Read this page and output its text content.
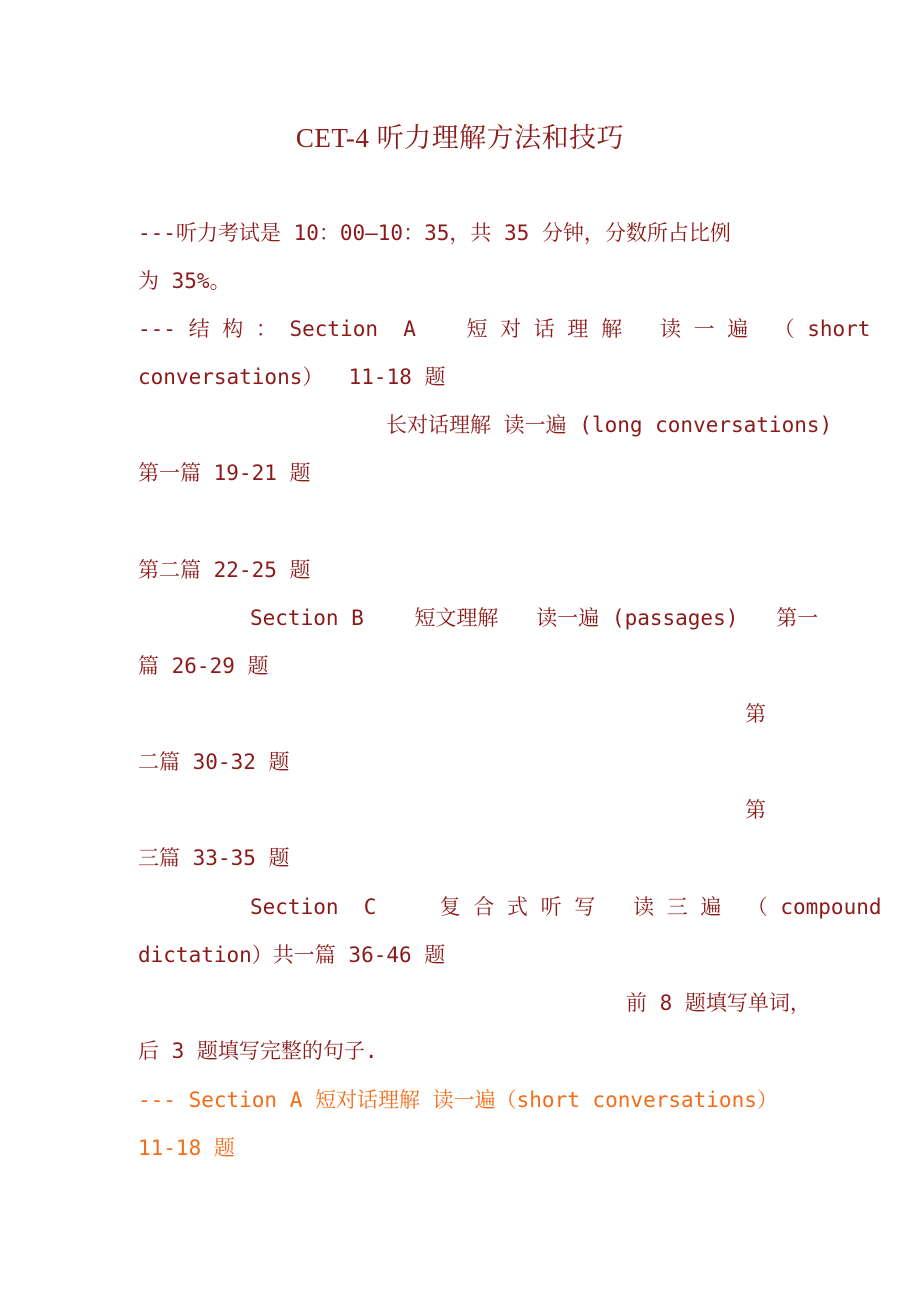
CET-4 听力理解方法和技巧
---听力考试是 10：00—10：35，共 35 分钟，分数所占比例
为 35%。
--- 结 构 ： Section  A    短 对 话 理 解   读 一 遍  （ short
conversations）  11-18 题
长对话理解 读一遍 (long conversations)
第一篇 19-21 题
第二篇 22-25 题
Section B    短文理解   读一遍 (passages)   第一
篇 26-29 题
第
二篇 30-32 题
第
三篇 33-35 题
Section  C     复 合 式 听 写   读 三 遍  （ compound
dictation）共一篇 36-46 题
前 8 题填写单词，
后 3 题填写完整的句子.
--- Section A 短对话理解 读一遍（short conversations）
11-18 题
